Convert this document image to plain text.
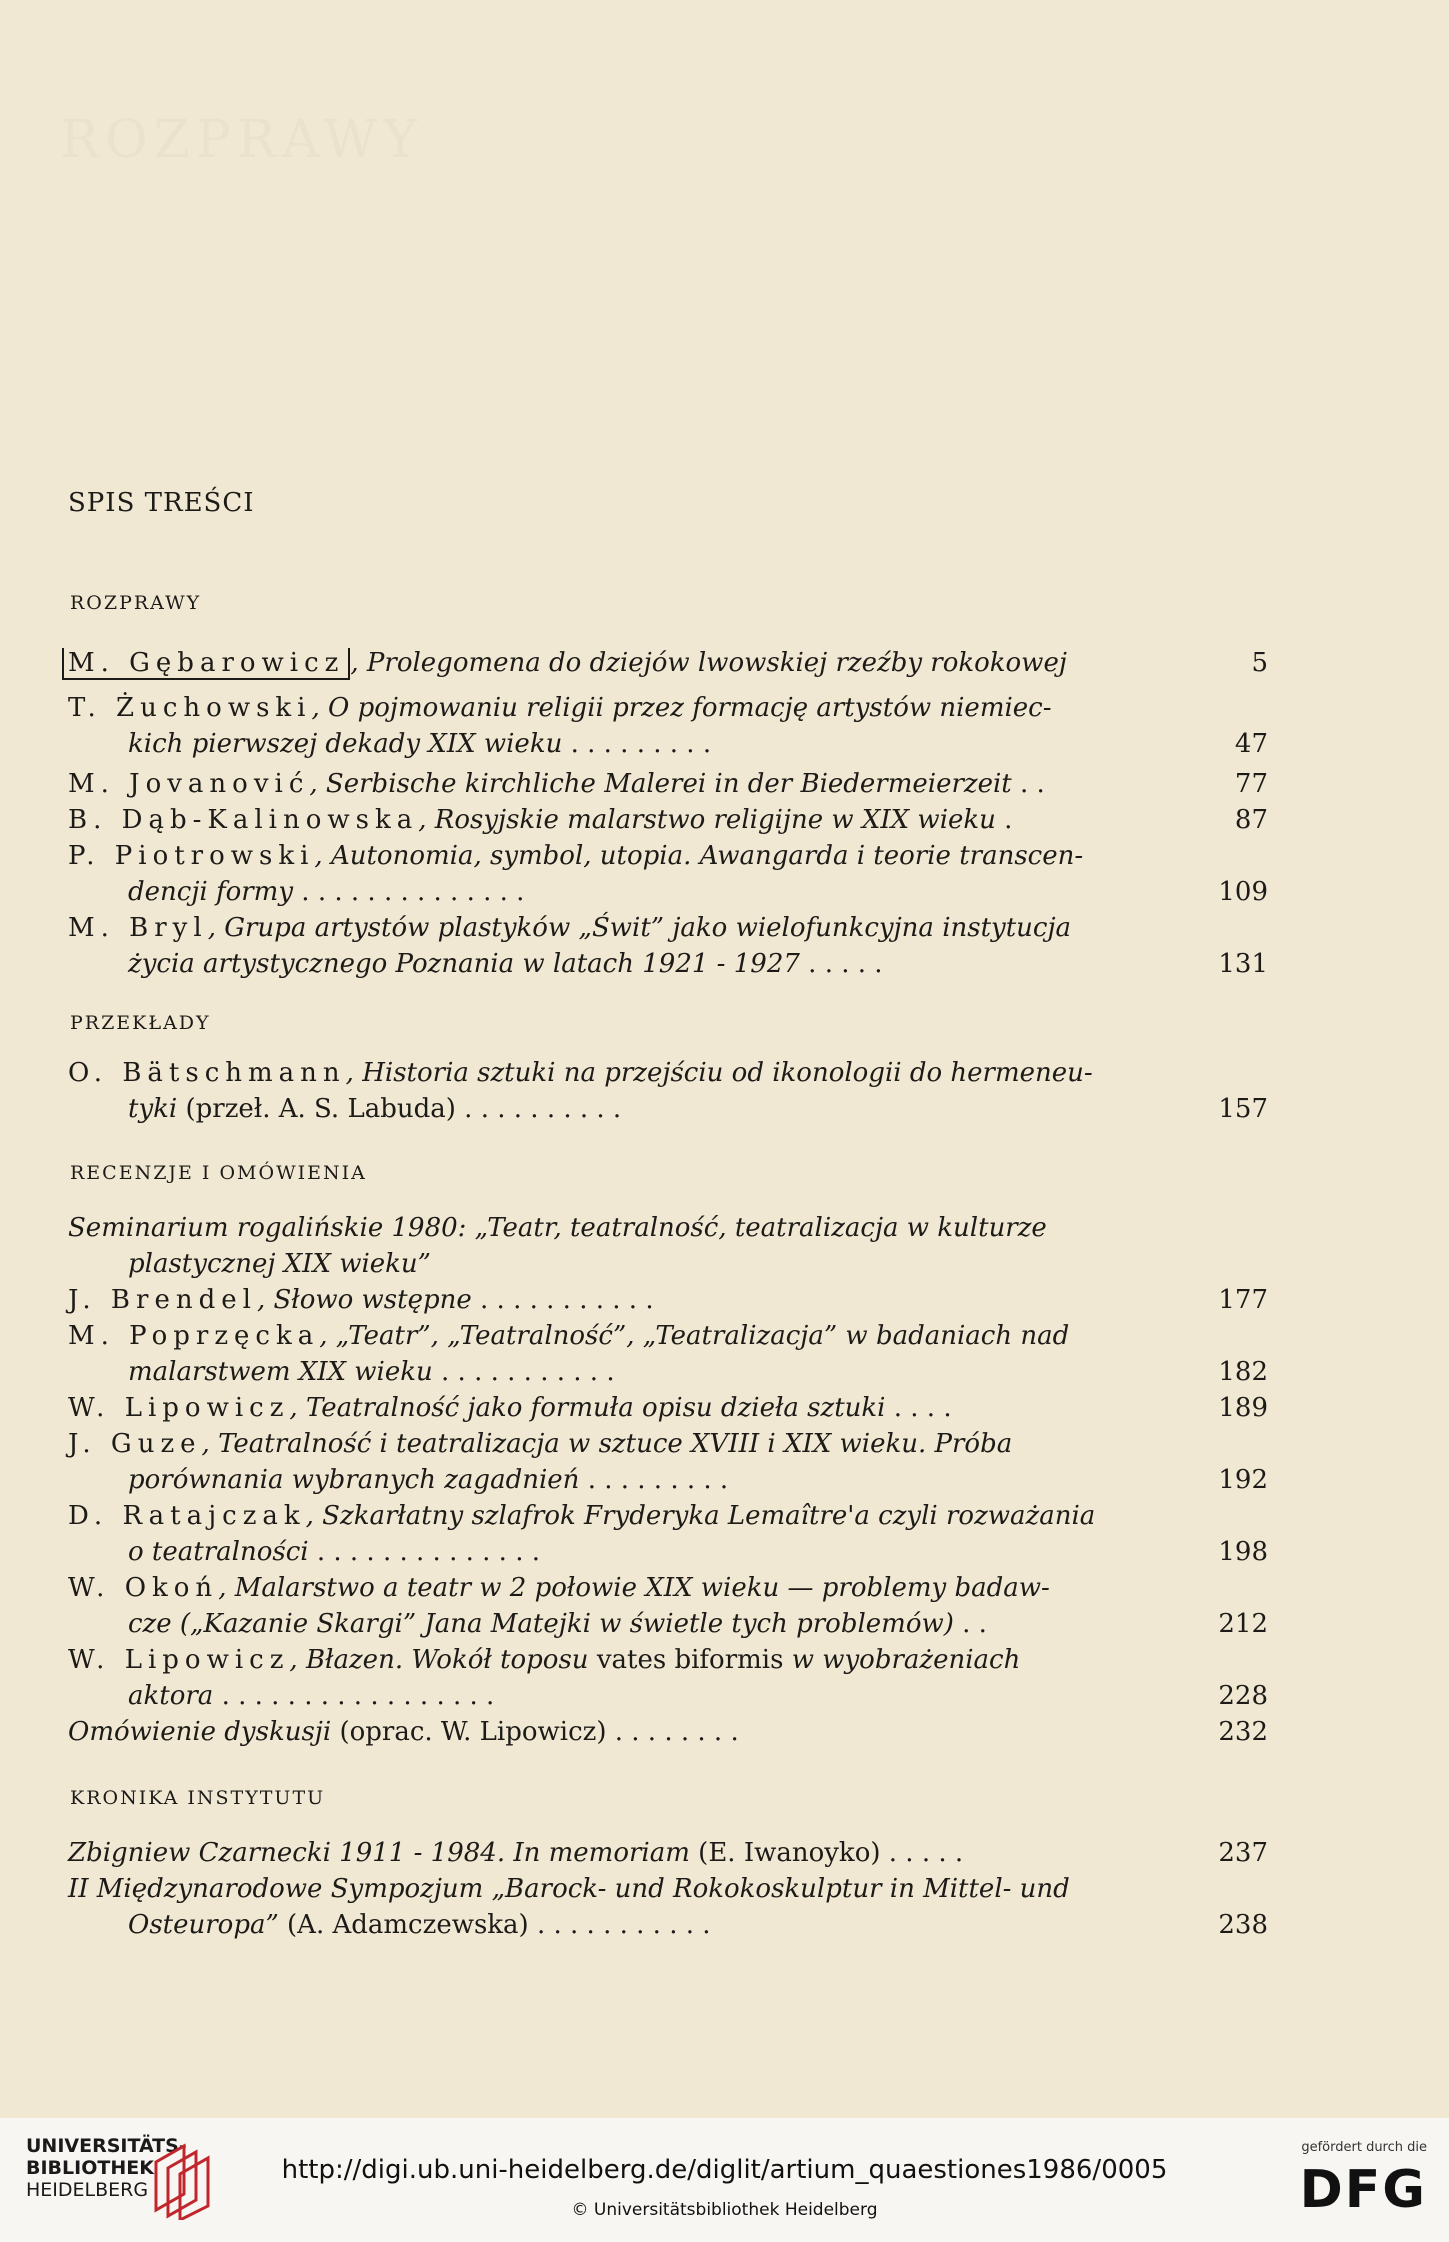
ROZPRAWY
SPIS TREŚCI
ROZPRAWY
M. Gębarowicz , Prolegomena do dziejów lwowskiej rzeźby rokokowej	5
T. Żuchowski, O pojmowaniu religii przez formację artystów niemiec-
kich pierwszej dekady XIX wieku . . . . . . . . .	47
M. Jovanović, Serbische kirchliche Malerei in der Biedermeierzeit . .	77
B. Dąb-Kalinowska, Rosyjskie malarstwo religijne w XIX wieku .	87
P. Piotrowski, Autonomia, symbol, utopia. Awangarda i teorie transcen-
dencji formy . . . . . . . . . . . . . .	109
M. Bryl, Grupa artystów plastyków „Świt” jako wielofunkcyjna instytucja
życia artystycznego Poznania w latach 1921 - 1927 . . . . .	131
PRZEKŁADY
O. Bätschmann, Historia sztuki na przejściu od ikonologii do hermeneu-
tyki (przeł. A. S. Labuda) . . . . . . . . . .	157
RECENZJE I OMÓWIENIA
Seminarium rogalińskie 1980: „Teatr, teatralność, teatralizacja w kulturze
plastycznej XIX wieku”
J. Brendel, Słowo wstępne . . . . . . . . . . .	177
M. Poprzęcka, „Teatr”, „Teatralność”, „Teatralizacja” w badaniach nad
malarstwem XIX wieku . . . . . . . . . . .	182
W. Lipowicz, Teatralność jako formuła opisu dzieła sztuki . . . .	189
J. Guze, Teatralność i teatralizacja w sztuce XVIII i XIX wieku. Próba
porównania wybranych zagadnień . . . . . . . . .	192
D. Ratajczak, Szkarłatny szlafrok Fryderyka Lemaître'a czyli rozważania
o teatralności . . . . . . . . . . . . . .	198
W. Okoń, Malarstwo a teatr w 2 połowie XIX wieku — problemy badaw-
cze („Kazanie Skargi” Jana Matejki w świetle tych problemów) . .	212
W. Lipowicz, Błazen. Wokół toposu vates biformis w wyobrażeniach
aktora . . . . . . . . . . . . . . . . .	228
Omówienie dyskusji (oprac. W. Lipowicz) . . . . . . . .	232
KRONIKA INSTYTUTU
Zbigniew Czarnecki 1911 - 1984. In memoriam (E. Iwanoyko) . . . . .	237
II Międzynarodowe Sympozjum „Barock- und Rokokoskulptur in Mittel- und
Osteuropa” (A. Adamczewska) . . . . . . . . . . .	238
UNIVERSITÄTS-
BIBLIOTHEK
HEIDELBERG
http://digi.ub.uni-heidelberg.de/diglit/artium_quaestiones1986/0005
© Universitätsbibliothek Heidelberg
gefördert durch die
DFG
